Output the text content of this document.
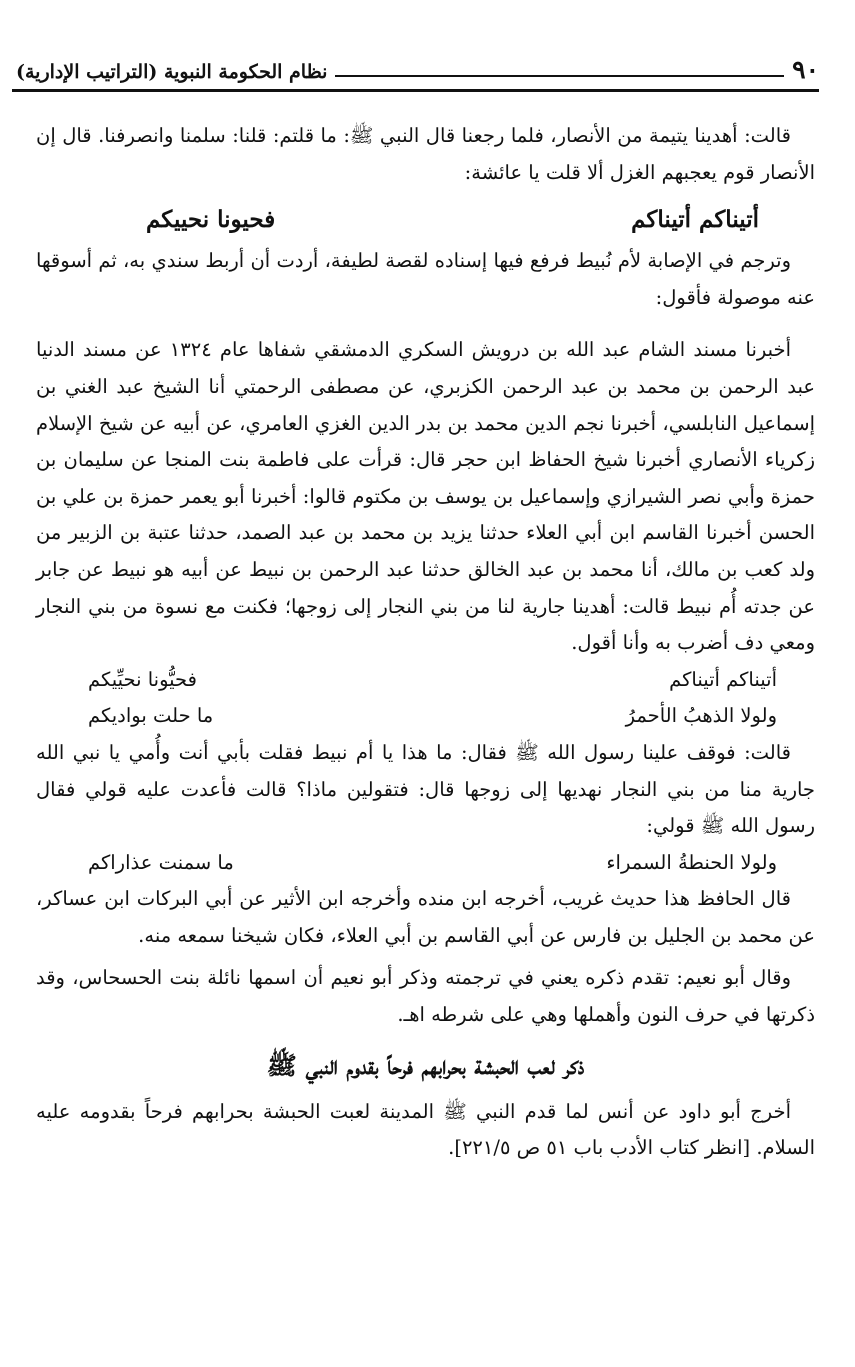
٩٠
نظام الحكومة النبوية (التراتيب الإدارية)

قالت: أهدينا يتيمة من الأنصار، فلما رجعنا قال النبي ﷺ: ما قلتم: قلنا: سلمنا وانصرفنا. قال إن الأنصار قوم يعجبهم الغزل ألا قلت يا عائشة:

أتيناكم أتيناكم
فحيونا نحييكم

وترجم في الإصابة لأم نُبيط فرفع فيها إسناده لقصة لطيفة، أردت أن أربط سندي به، ثم أسوقها عنه موصولة فأقول:

أخبرنا مسند الشام عبد الله بن درويش السكري الدمشقي شفاها عام ١٣٢٤ عن مسند الدنيا عبد الرحمن بن محمد بن عبد الرحمن الكزبري، عن مصطفى الرحمتي أنا الشيخ عبد الغني بن إسماعيل النابلسي، أخبرنا نجم الدين محمد بن بدر الدين الغزي العامري، عن أبيه عن شيخ الإسلام زكرياء الأنصاري أخبرنا شيخ الحفاظ ابن حجر قال: قرأت على فاطمة بنت المنجا عن سليمان بن حمزة وأبي نصر الشيرازي وإسماعيل بن يوسف بن مكتوم قالوا: أخبرنا أبو يعمر حمزة بن علي بن الحسن أخبرنا القاسم ابن أبي العلاء حدثنا يزيد بن محمد بن عبد الصمد، حدثنا عتبة بن الزبير من ولد كعب بن مالك، أنا محمد بن عبد الخالق حدثنا عبد الرحمن بن نبيط عن أبيه هو نبيط عن جابر عن جدته أُم نبيط قالت: أهدينا جارية لنا من بني النجار إلى زوجها؛ فكنت مع نسوة من بني النجار ومعي دف أضرب به وأنا أقول.

أتيناكم أتيناكم
فحيُّونا نحيِّيكم
ولولا الذهبُ الأحمرُ
ما حلت بواديكم

قالت: فوقف علينا رسول الله ﷺ فقال: ما هذا يا أم نبيط فقلت بأبي أنت وأُمي يا نبي الله جارية منا من بني النجار نهديها إلى زوجها قال: فتقولين ماذا؟ قالت فأعدت عليه قولي فقال رسول الله ﷺ قولي:

ولولا الحنطةُ السمراء
ما سمنت عذاراكم

قال الحافظ هذا حديث غريب، أخرجه ابن منده وأخرجه ابن الأثير عن أبي البركات ابن عساكر، عن محمد بن الجليل بن فارس عن أبي القاسم بن أبي العلاء، فكان شيخنا سمعه منه.

وقال أبو نعيم: تقدم ذكره يعني في ترجمته وذكر أبو نعيم أن اسمها نائلة بنت الحسحاس، وقد ذكرتها في حرف النون وأهملها وهي على شرطه اهـ.

ذكر لعب الحبشة بحرابهم فرحاً بقدوم النبي ﷺ

أخرج أبو داود عن أنس لما قدم النبي ﷺ المدينة لعبت الحبشة بحرابهم فرحاً بقدومه عليه السلام. [انظر كتاب الأدب باب ٥١ ص ٢٢١/٥].
